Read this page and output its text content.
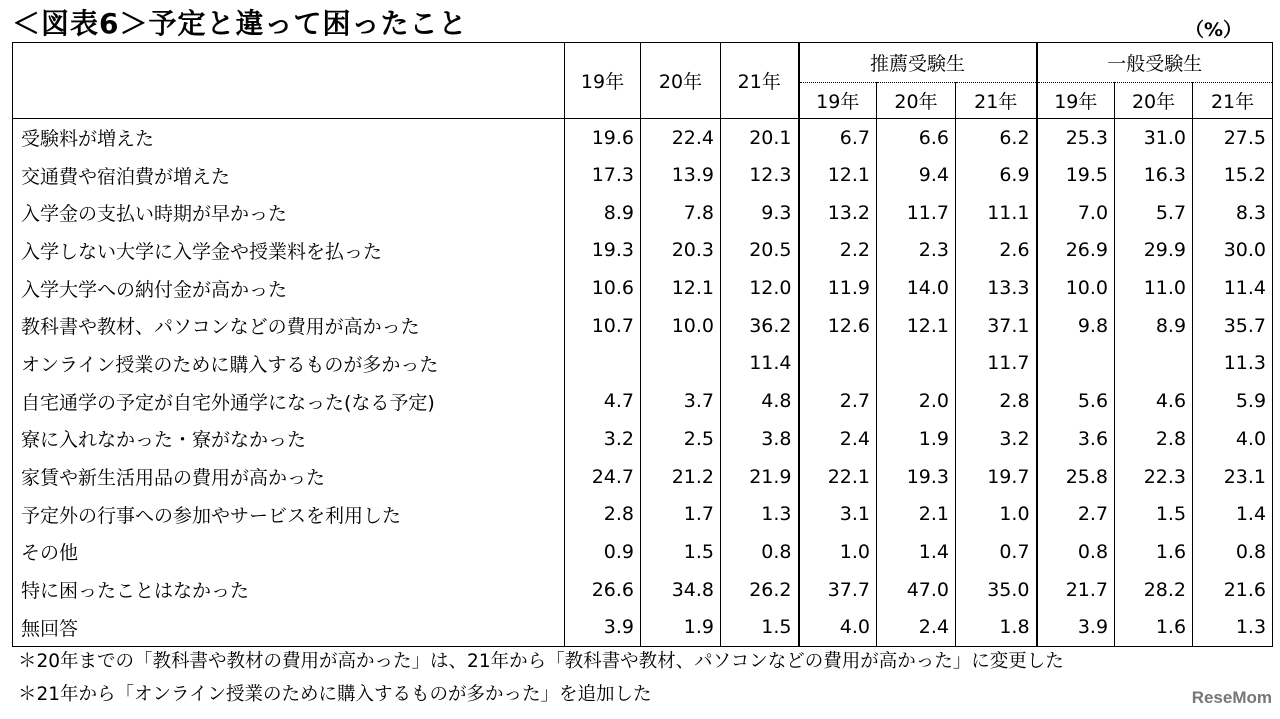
＜図表6＞予定と違って困ったこと	（%）
	19年	20年	21年	推薦受験生			一般受験生		
				19年	20年	21年	19年	20年	21年
受験料が増えた	19.6	22.4	20.1	6.7	6.6	6.2	25.3	31.0	27.5
交通費や宿泊費が増えた	17.3	13.9	12.3	12.1	9.4	6.9	19.5	16.3	15.2
入学金の支払い時期が早かった	8.9	7.8	9.3	13.2	11.7	11.1	7.0	5.7	8.3
入学しない大学に入学金や授業料を払った	19.3	20.3	20.5	2.2	2.3	2.6	26.9	29.9	30.0
入学大学への納付金が高かった	10.6	12.1	12.0	11.9	14.0	13.3	10.0	11.0	11.4
教科書や教材、パソコンなどの費用が高かった	10.7	10.0	36.2	12.6	12.1	37.1	9.8	8.9	35.7
オンライン授業のために購入するものが多かった			11.4			11.7			11.3
自宅通学の予定が自宅外通学になった(なる予定)	4.7	3.7	4.8	2.7	2.0	2.8	5.6	4.6	5.9
寮に入れなかった・寮がなかった	3.2	2.5	3.8	2.4	1.9	3.2	3.6	2.8	4.0
家賃や新生活用品の費用が高かった	24.7	21.2	21.9	22.1	19.3	19.7	25.8	22.3	23.1
予定外の行事への参加やサービスを利用した	2.8	1.7	1.3	3.1	2.1	1.0	2.7	1.5	1.4
その他	0.9	1.5	0.8	1.0	1.4	0.7	0.8	1.6	0.8
特に困ったことはなかった	26.6	34.8	26.2	37.7	47.0	35.0	21.7	28.2	21.6
無回答	3.9	1.9	1.5	4.0	2.4	1.8	3.9	1.6	1.3
＊20年までの「教科書や教材の費用が高かった」は、21年から「教科書や教材、パソコンなどの費用が高かった」に変更した
＊21年から「オンライン授業のために購入するものが多かった」を追加した	ReseMom
